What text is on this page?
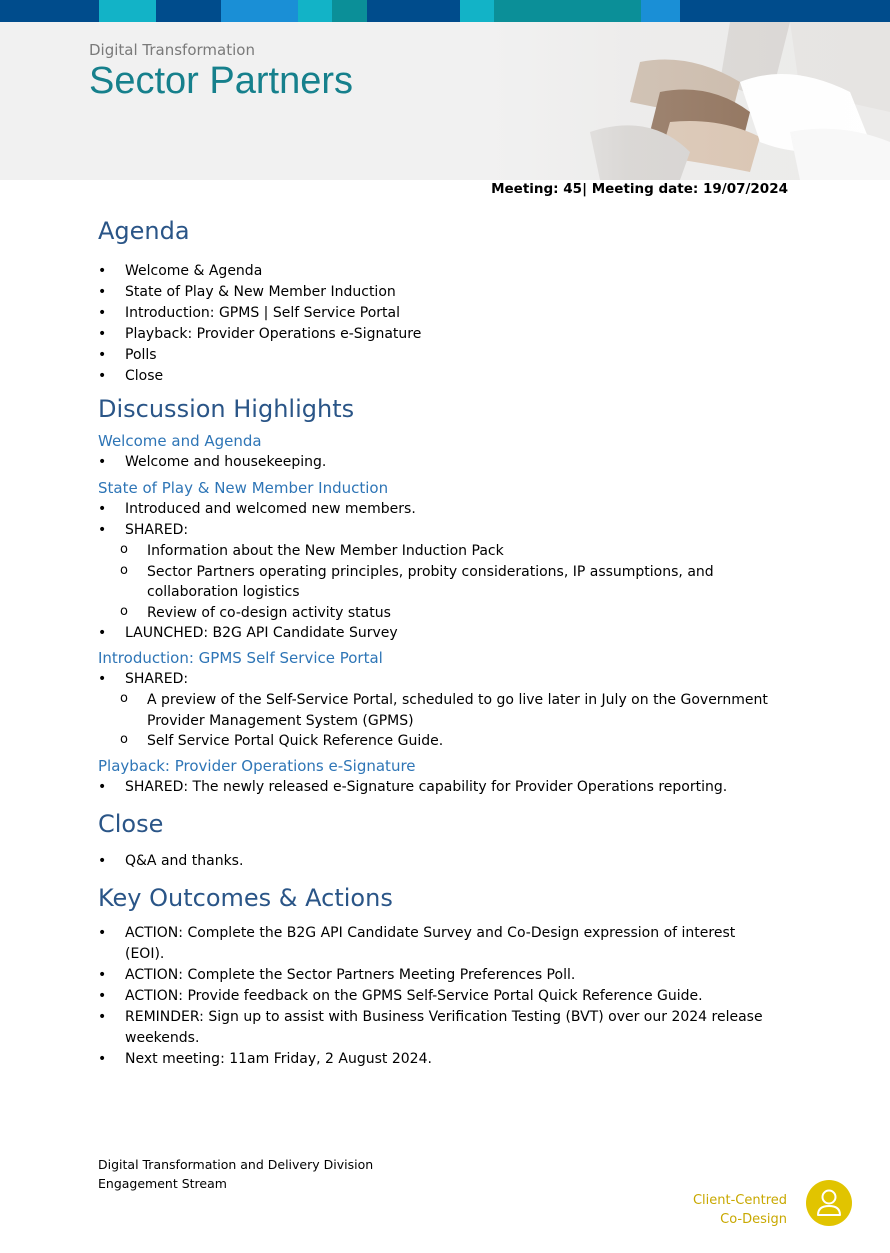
Digital Transformation
Sector Partners
Meeting: 45| Meeting date: 19/07/2024
Agenda
• Welcome & Agenda
• State of Play & New Member Induction
• Introduction: GPMS | Self Service Portal
• Playback: Provider Operations e-Signature
• Polls
• Close
Discussion Highlights
Welcome and Agenda
• Welcome and housekeeping.
State of Play & New Member Induction
• Introduced and welcomed new members.
• SHARED:
o Information about the New Member Induction Pack
o Sector Partners operating principles, probity considerations, IP assumptions, and collaboration logistics
o Review of co-design activity status
• LAUNCHED: B2G API Candidate Survey
Introduction: GPMS Self Service Portal
• SHARED:
o A preview of the Self-Service Portal, scheduled to go live later in July on the Government Provider Management System (GPMS)
o Self Service Portal Quick Reference Guide.
Playback: Provider Operations e-Signature
• SHARED: The newly released e-Signature capability for Provider Operations reporting.
Close
• Q&A and thanks.
Key Outcomes & Actions
• ACTION: Complete the B2G API Candidate Survey and Co-Design expression of interest (EOI).
• ACTION: Complete the Sector Partners Meeting Preferences Poll.
• ACTION: Provide feedback on the GPMS Self-Service Portal Quick Reference Guide.
• REMINDER: Sign up to assist with Business Verification Testing (BVT) over our 2024 release weekends.
• Next meeting: 11am Friday, 2 August 2024.
Digital Transformation and Delivery Division
Engagement Stream
Client-Centred
Co-Design
